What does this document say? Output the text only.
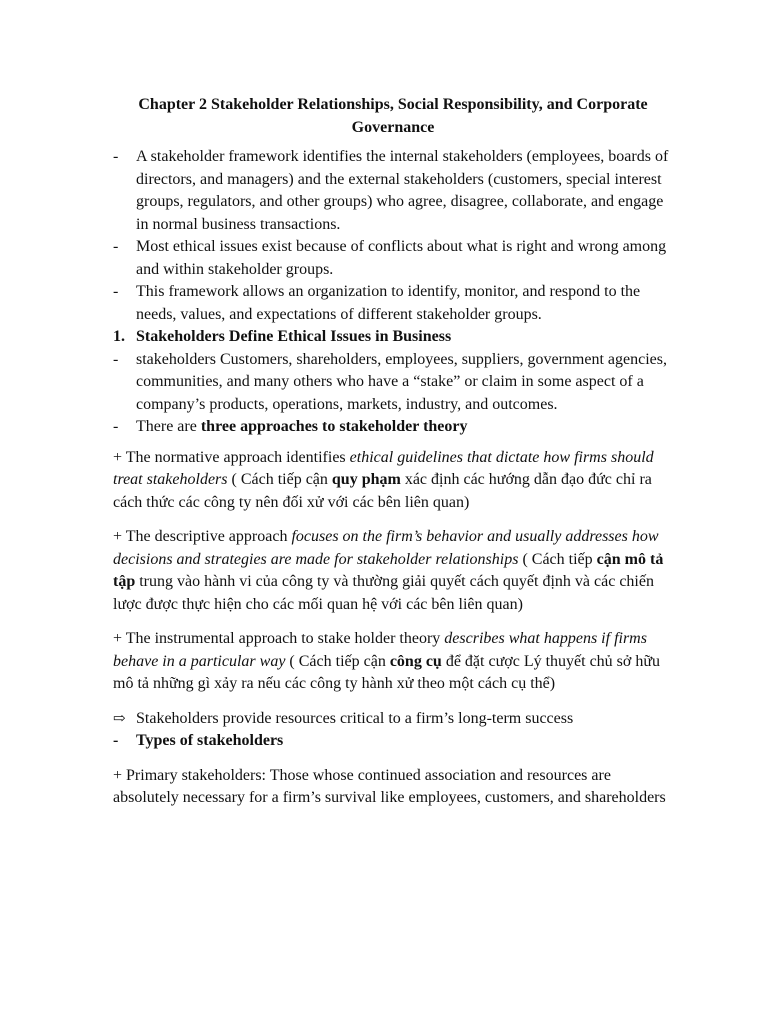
Chapter 2 Stakeholder Relationships, Social Responsibility, and Corporate Governance
- A stakeholder framework identifies the internal stakeholders (employees, boards of directors, and managers) and the external stakeholders (customers, special interest groups, regulators, and other groups) who agree, disagree, collaborate, and engage in normal business transactions.
- Most ethical issues exist because of conflicts about what is right and wrong among and within stakeholder groups.
- This framework allows an organization to identify, monitor, and respond to the needs, values, and expectations of different stakeholder groups.
1. Stakeholders Define Ethical Issues in Business
- stakeholders Customers, shareholders, employees, suppliers, government agencies, communities, and many others who have a “stake” or claim in some aspect of a company’s products, operations, markets, industry, and outcomes.
- There are three approaches to stakeholder theory
+ The normative approach identifies ethical guidelines that dictate how firms should treat stakeholders ( Cách tiếp cận quy phạm xác định các hướng dẫn đạo đức chỉ ra cách thức các công ty nên đối xử với các bên liên quan)
+ The descriptive approach focuses on the firm’s behavior and usually addresses how decisions and strategies are made for stakeholder relationships ( Cách tiếp cận mô tả tập trung vào hành vi của công ty và thường giải quyết cách quyết định và các chiến lược được thực hiện cho các mối quan hệ với các bên liên quan)
+ The instrumental approach to stake holder theory describes what happens if firms behave in a particular way ( Cách tiếp cận công cụ để đặt cược Lý thuyết chủ sở hữu mô tả những gì xảy ra nếu các công ty hành xử theo một cách cụ thể)
⇨ Stakeholders provide resources critical to a firm’s long-term success
- Types of stakeholders
+ Primary stakeholders: Those whose continued association and resources are absolutely necessary for a firm’s survival like employees, customers, and shareholders
